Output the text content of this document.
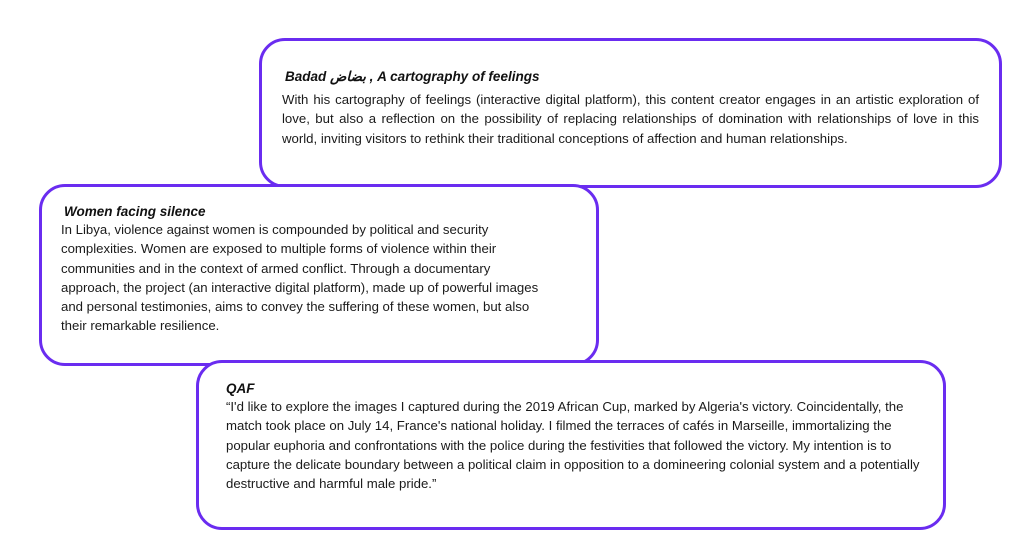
Badad بضاض , A cartography of feelings

With his cartography of feelings (interactive digital platform), this content creator engages in an artistic exploration of love, but also a reflection on the possibility of replacing relationships of domination with relationships of love in this world, inviting visitors to rethink their traditional conceptions of affection and human relationships.

Women facing silence

In Libya, violence against women is compounded by political and security complexities. Women are exposed to multiple forms of violence within their communities and in the context of armed conflict. Through a documentary approach, the project (an interactive digital platform), made up of powerful images and personal testimonies, aims to convey the suffering of these women, but also their remarkable resilience.

QAF

“I'd like to explore the images I captured during the 2019 African Cup, marked by Algeria's victory. Coincidentally, the match took place on July 14, France's national holiday. I filmed the terraces of cafés in Marseille, immortalizing the popular euphoria and confrontations with the police during the festivities that followed the victory. My intention is to capture the delicate boundary between a political claim in opposition to a domineering colonial system and a potentially destructive and harmful male pride.”
